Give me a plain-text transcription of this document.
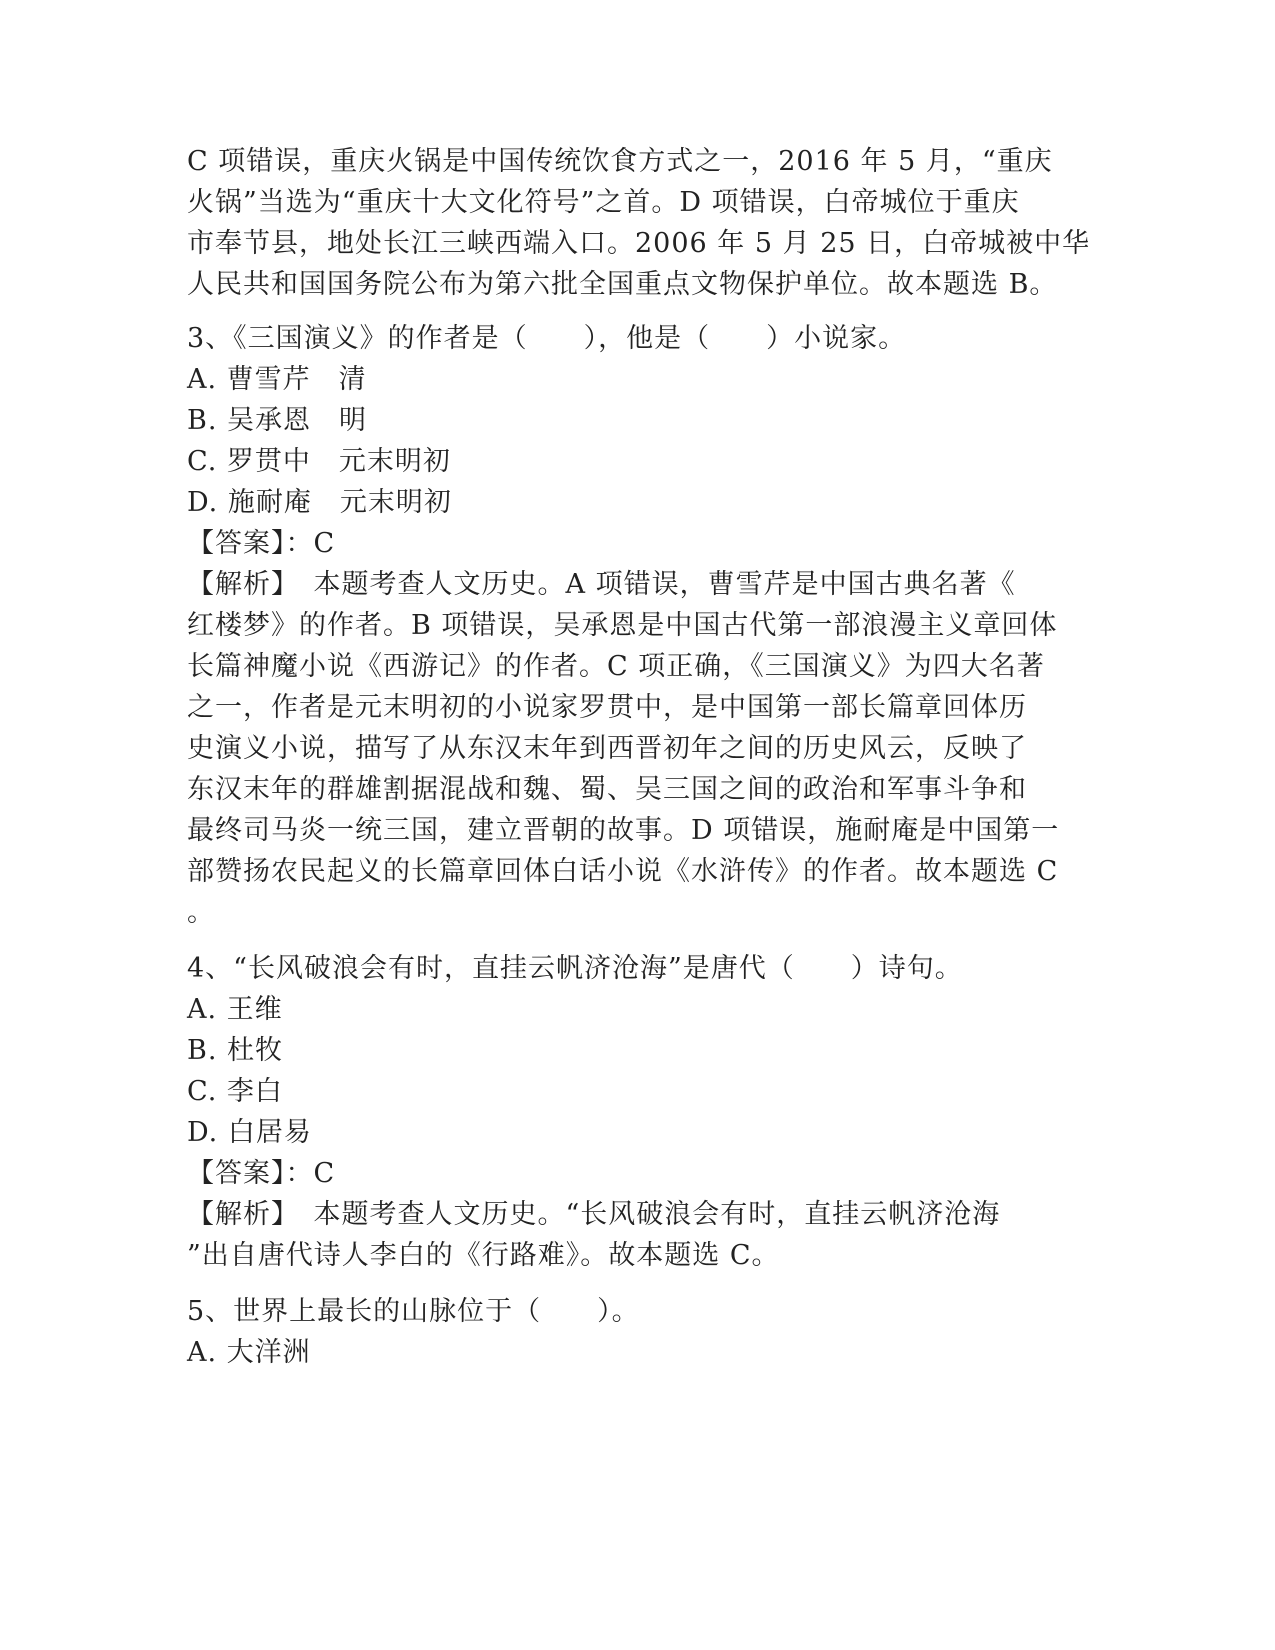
C 项错误，重庆火锅是中国传统饮食方式之一，2016 年 5 月，“重庆
火锅”当选为“重庆十大文化符号”之首。D 项错误，白帝城位于重庆
市奉节县，地处长江三峡西端入口。2006 年 5 月 25 日，白帝城被中华
人民共和国国务院公布为第六批全国重点文物保护单位。故本题选 B。
3、《三国演义》的作者是（　　），他是（　　）小说家。
A. 曹雪芹　清
B. 吴承恩　明
C. 罗贯中　元末明初
D. 施耐庵　元末明初
【答案】：C
【解析】　本题考查人文历史。A 项错误，曹雪芹是中国古典名著《
红楼梦》的作者。B 项错误，吴承恩是中国古代第一部浪漫主义章回体
长篇神魔小说《西游记》的作者。C 项正确，《三国演义》为四大名著
之一，作者是元末明初的小说家罗贯中，是中国第一部长篇章回体历
史演义小说，描写了从东汉末年到西晋初年之间的历史风云，反映了
东汉末年的群雄割据混战和魏、蜀、吴三国之间的政治和军事斗争和
最终司马炎一统三国，建立晋朝的故事。D 项错误，施耐庵是中国第一
部赞扬农民起义的长篇章回体白话小说《水浒传》的作者。故本题选 C
。
4、“长风破浪会有时，直挂云帆济沧海”是唐代（　　）诗句。
A. 王维
B. 杜牧
C. 李白
D. 白居易
【答案】：C
【解析】　本题考查人文历史。“长风破浪会有时，直挂云帆济沧海
”出自唐代诗人李白的《行路难》。故本题选 C。
5、世界上最长的山脉位于（　　）。
A. 大洋洲
